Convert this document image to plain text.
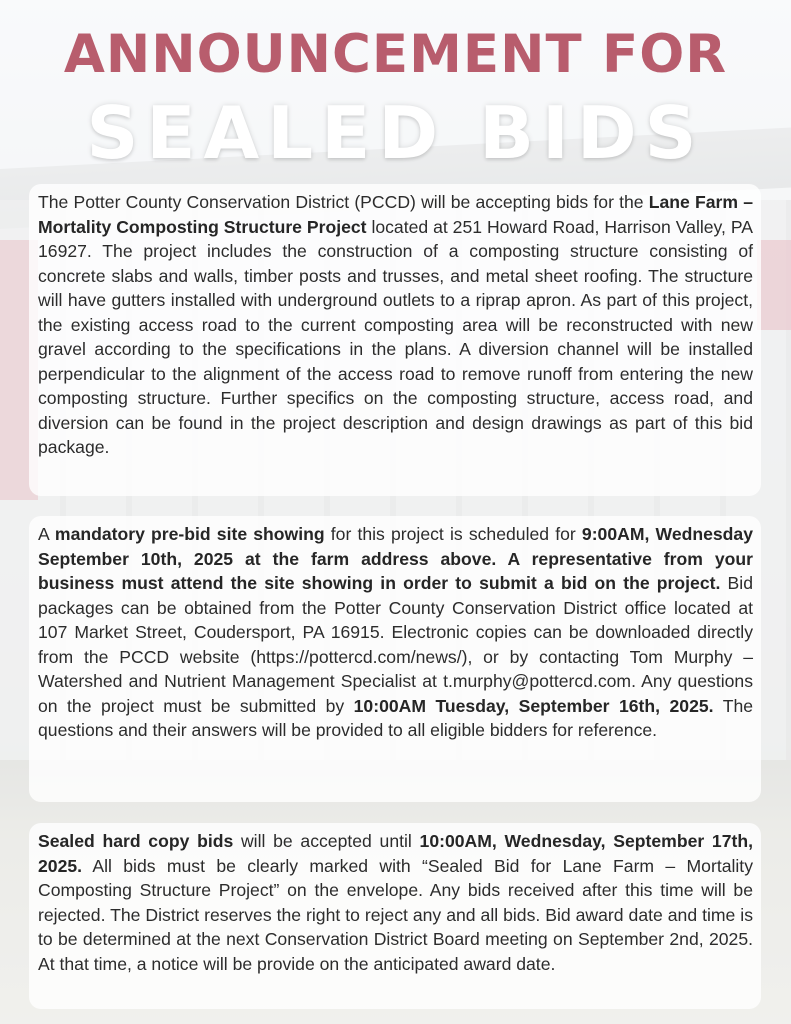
ANNOUNCEMENT FOR
SEALED BIDS
The Potter County Conservation District (PCCD) will be accepting bids for the Lane Farm – Mortality Composting Structure Project located at 251 Howard Road, Harrison Valley, PA 16927. The project includes the construction of a composting structure consisting of concrete slabs and walls, timber posts and trusses, and metal sheet roofing. The structure will have gutters installed with underground outlets to a riprap apron. As part of this project, the existing access road to the current composting area will be reconstructed with new gravel according to the specifications in the plans. A diversion channel will be installed perpendicular to the alignment of the access road to remove runoff from entering the new composting structure. Further specifics on the composting structure, access road, and diversion can be found in the project description and design drawings as part of this bid package.
A mandatory pre-bid site showing for this project is scheduled for 9:00AM, Wednesday September 10th, 2025 at the farm address above. A representative from your business must attend the site showing in order to submit a bid on the project. Bid packages can be obtained from the Potter County Conservation District office located at 107 Market Street, Coudersport, PA 16915. Electronic copies can be downloaded directly from the PCCD website (https://pottercd.com/news/), or by contacting Tom Murphy – Watershed and Nutrient Management Specialist at t.murphy@pottercd.com. Any questions on the project must be submitted by 10:00AM Tuesday, September 16th, 2025. The questions and their answers will be provided to all eligible bidders for reference.
Sealed hard copy bids will be accepted until 10:00AM, Wednesday, September 17th, 2025. All bids must be clearly marked with “Sealed Bid for Lane Farm – Mortality Composting Structure Project” on the envelope. Any bids received after this time will be rejected. The District reserves the right to reject any and all bids. Bid award date and time is to be determined at the next Conservation District Board meeting on September 2nd, 2025. At that time, a notice will be provide on the anticipated award date.
